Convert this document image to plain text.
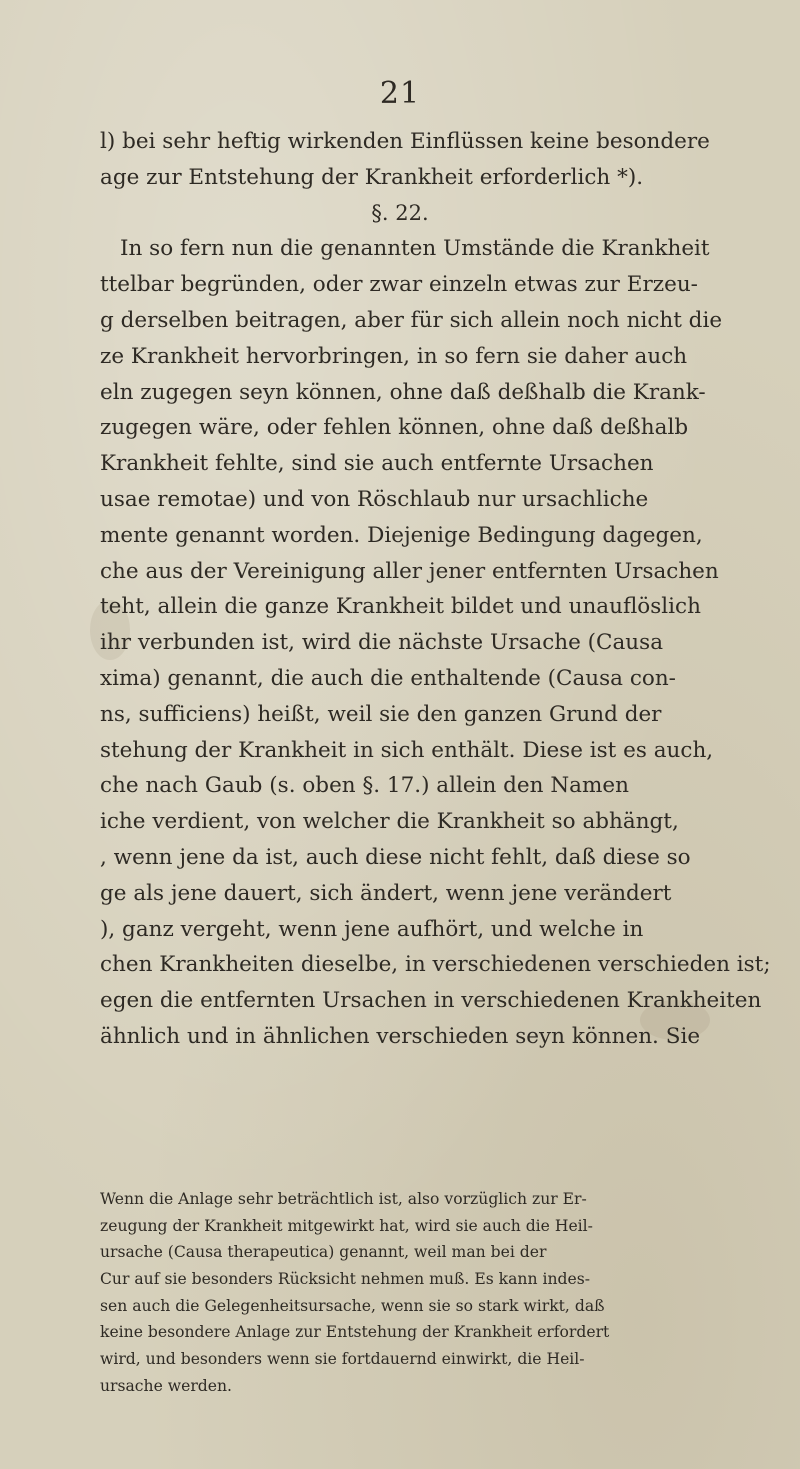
21
l) bei sehr heftig wirkenden Einflüssen keine besondere
age zur Entstehung der Krankheit erforderlich *).
§. 22.
In so fern nun die genannten Umstände die Krankheit
ttelbar begründen, oder zwar einzeln etwas zur Erzeu-
g derselben beitragen, aber für sich allein noch nicht die
ze Krankheit hervorbringen, in so fern sie daher auch
eln zugegen seyn können, ohne daß deßhalb die Krank-
zugegen wäre, oder fehlen können, ohne daß deßhalb
Krankheit fehlte, sind sie auch entfernte Ursachen
usae remotae) und von Röschlaub nur ursachliche
mente genannt worden. Diejenige Bedingung dagegen,
che aus der Vereinigung aller jener entfernten Ursachen
teht, allein die ganze Krankheit bildet und unauflöslich
ihr verbunden ist, wird die nächste Ursache (Causa
xima) genannt, die auch die enthaltende (Causa con-
ns, sufficiens) heißt, weil sie den ganzen Grund der
stehung der Krankheit in sich enthält. Diese ist es auch,
che nach Gaub (s. oben §. 17.) allein den Namen
iche verdient, von welcher die Krankheit so abhängt,
, wenn jene da ist, auch diese nicht fehlt, daß diese so
ge als jene dauert, sich ändert, wenn jene verändert
), ganz vergeht, wenn jene aufhört, und welche in
chen Krankheiten dieselbe, in verschiedenen verschieden ist;
egen die entfernten Ursachen in verschiedenen Krankheiten
ähnlich und in ähnlichen verschieden seyn können. Sie
Wenn die Anlage sehr beträchtlich ist, also vorzüglich zur Er-
zeugung der Krankheit mitgewirkt hat, wird sie auch die Heil-
ursache (Causa therapeutica) genannt, weil man bei der
Cur auf sie besonders Rücksicht nehmen muß. Es kann indes-
sen auch die Gelegenheitsursache, wenn sie so stark wirkt, daß
keine besondere Anlage zur Entstehung der Krankheit erfordert
wird, und besonders wenn sie fortdauernd einwirkt, die Heil-
ursache werden.
